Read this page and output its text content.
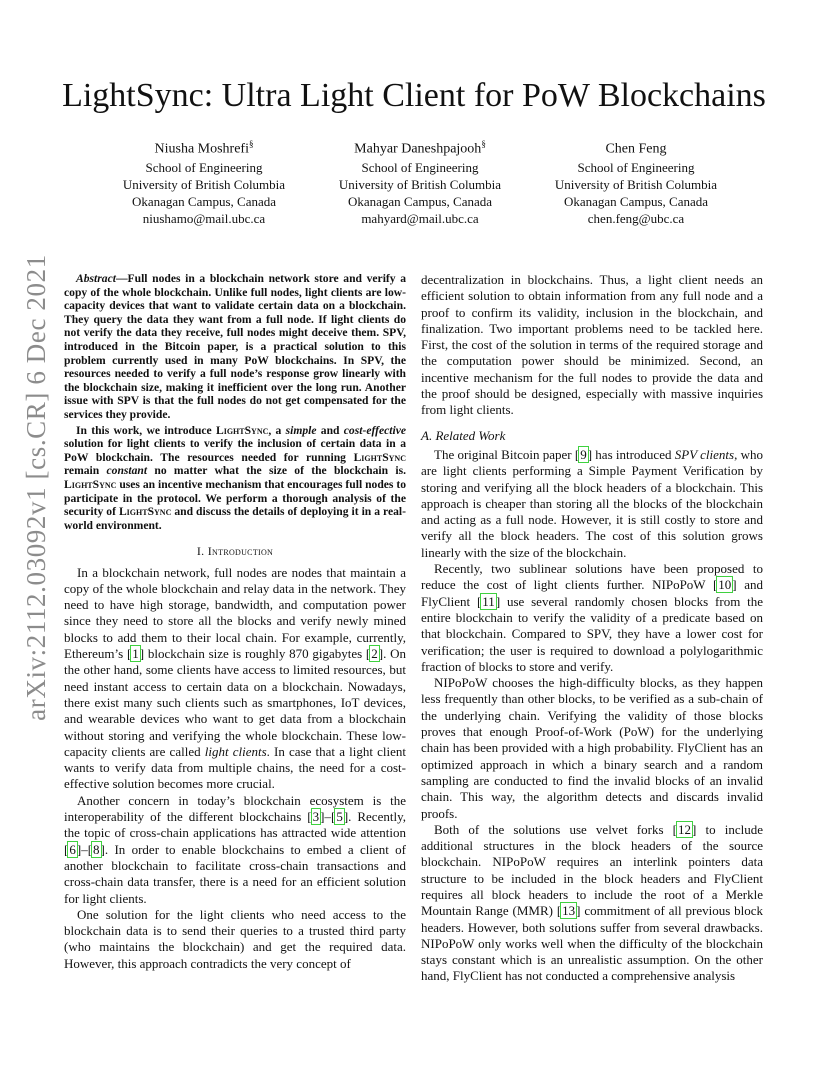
arXiv:2112.03092v1 [cs.CR] 6 Dec 2021
LightSync: Ultra Light Client for PoW Blockchains
Niusha Moshrefi§
School of Engineering
University of British Columbia
Okanagan Campus, Canada
niushamo@mail.ubc.ca
Mahyar Daneshpajooh§
School of Engineering
University of British Columbia
Okanagan Campus, Canada
mahyard@mail.ubc.ca
Chen Feng
School of Engineering
University of British Columbia
Okanagan Campus, Canada
chen.feng@ubc.ca

Abstract—Full nodes in a blockchain network store and verify a copy of the whole blockchain. Unlike full nodes, light clients are low-capacity devices that want to validate certain data on a blockchain. They query the data they want from a full node. If light clients do not verify the data they receive, full nodes might deceive them. SPV, introduced in the Bitcoin paper, is a practical solution to this problem currently used in many PoW blockchains. In SPV, the resources needed to verify a full node’s response grow linearly with the blockchain size, making it inefficient over the long run. Another issue with SPV is that the full nodes do not get compensated for the services they provide.

In this work, we introduce LightSync, a simple and cost-effective solution for light clients to verify the inclusion of certain data in a PoW blockchain. The resources needed for running LightSync remain constant no matter what the size of the blockchain is. LightSync uses an incentive mechanism that encourages full nodes to participate in the protocol. We perform a thorough analysis of the security of LightSync and discuss the details of deploying it in a real-world environment.

I. Introduction

In a blockchain network, full nodes are nodes that maintain a copy of the whole blockchain and relay data in the network. They need to have high storage, bandwidth, and computation power since they need to store all the blocks and verify newly mined blocks to add them to their local chain. For example, currently, Ethereum’s [1] blockchain size is roughly 870 gigabytes [2]. On the other hand, some clients have access to limited resources, but need instant access to certain data on a blockchain. Nowadays, there exist many such clients such as smartphones, IoT devices, and wearable devices who want to get data from a blockchain without storing and verifying the whole blockchain. These low-capacity clients are called light clients. In case that a light client wants to verify data from multiple chains, the need for a cost-effective solution becomes more crucial.

Another concern in today’s blockchain ecosystem is the interoperability of the different blockchains [3]–[5]. Recently, the topic of cross-chain applications has attracted wide attention [6]–[8]. In order to enable blockchains to embed a client of another blockchain to facilitate cross-chain transactions and cross-chain data transfer, there is a need for an efficient solution for light clients.

One solution for the light clients who need access to the blockchain data is to send their queries to a trusted third party (who maintains the blockchain) and get the required data. However, this approach contradicts the very concept of

decentralization in blockchains. Thus, a light client needs an efficient solution to obtain information from any full node and a proof to confirm its validity, inclusion in the blockchain, and finalization. Two important problems need to be tackled here. First, the cost of the solution in terms of the required storage and the computation power should be minimized. Second, an incentive mechanism for the full nodes to provide the data and the proof should be designed, especially with massive inquiries from light clients.

A. Related Work

The original Bitcoin paper [9] has introduced SPV clients, who are light clients performing a Simple Payment Verification by storing and verifying all the block headers of a blockchain. This approach is cheaper than storing all the blocks of the blockchain and acting as a full node. However, it is still costly to store and verify all the block headers. The cost of this solution grows linearly with the size of the blockchain.

Recently, two sublinear solutions have been proposed to reduce the cost of light clients further. NIPoPoW [10] and FlyClient [11] use several randomly chosen blocks from the entire blockchain to verify the validity of a predicate based on that blockchain. Compared to SPV, they have a lower cost for verification; the user is required to download a polylogarithmic fraction of blocks to store and verify.

NIPoPoW chooses the high-difficulty blocks, as they happen less frequently than other blocks, to be verified as a sub-chain of the underlying chain. Verifying the validity of those blocks proves that enough Proof-of-Work (PoW) for the underlying chain has been provided with a high probability. FlyClient has an optimized approach in which a binary search and a random sampling are conducted to find the invalid blocks of an invalid chain. This way, the algorithm detects and discards invalid proofs.

Both of the solutions use velvet forks [12] to include additional structures in the block headers of the source blockchain. NIPoPoW requires an interlink pointers data structure to be included in the block headers and FlyClient requires all block headers to include the root of a Merkle Mountain Range (MMR) [13] commitment of all previous block headers. However, both solutions suffer from several drawbacks. NIPoPoW only works well when the difficulty of the blockchain stays constant which is an unrealistic assumption. On the other hand, FlyClient has not conducted a comprehensive analysis
